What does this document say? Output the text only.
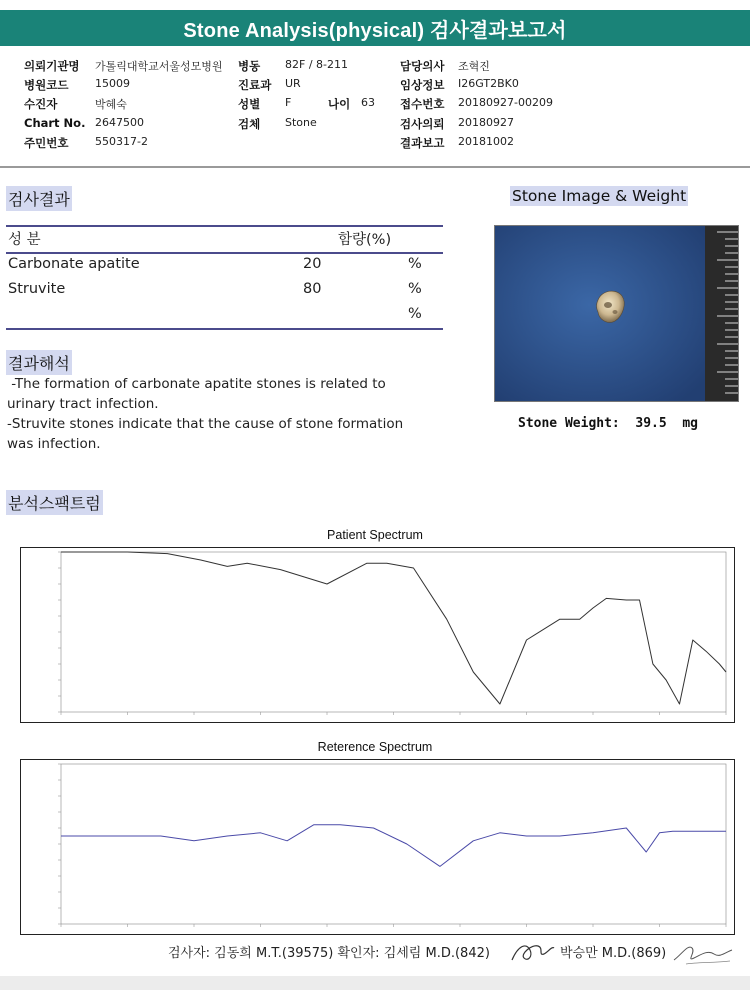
Stone Analysis(physical) 검사결과보고서
의뢰기관명 가톨릭대학교서울성모병원 병동 82F / 8-211	담당의사 조혁진
병원코드 15009	진료과 UR	임상정보 I26GT2BK0
수진자	박혜숙	성별 F	나이 63 접수번호 20180927-00209
Chart No. 2647500	검체 Stone	검사의뢰 20180927
주민번호 550317-2	결과보고 20181002
검사결과
성 분	함량(%)
Carbonate apatite	20	%
Struvite	80	%
%
결과해석
-The formation of carbonate apatite stones is related to
urinary tract infection.
-Struvite stones indicate that the cause of stone formation
was infection.
Stone Image & Weight
Stone Weight:  39.5  mg
분석스팩트럼
Patient Spectrum
Reterence Spectrum
검사자: 김동희 M.T.(39575) 확인자: 김세림 M.D.(842)	박승만 M.D.(869)
